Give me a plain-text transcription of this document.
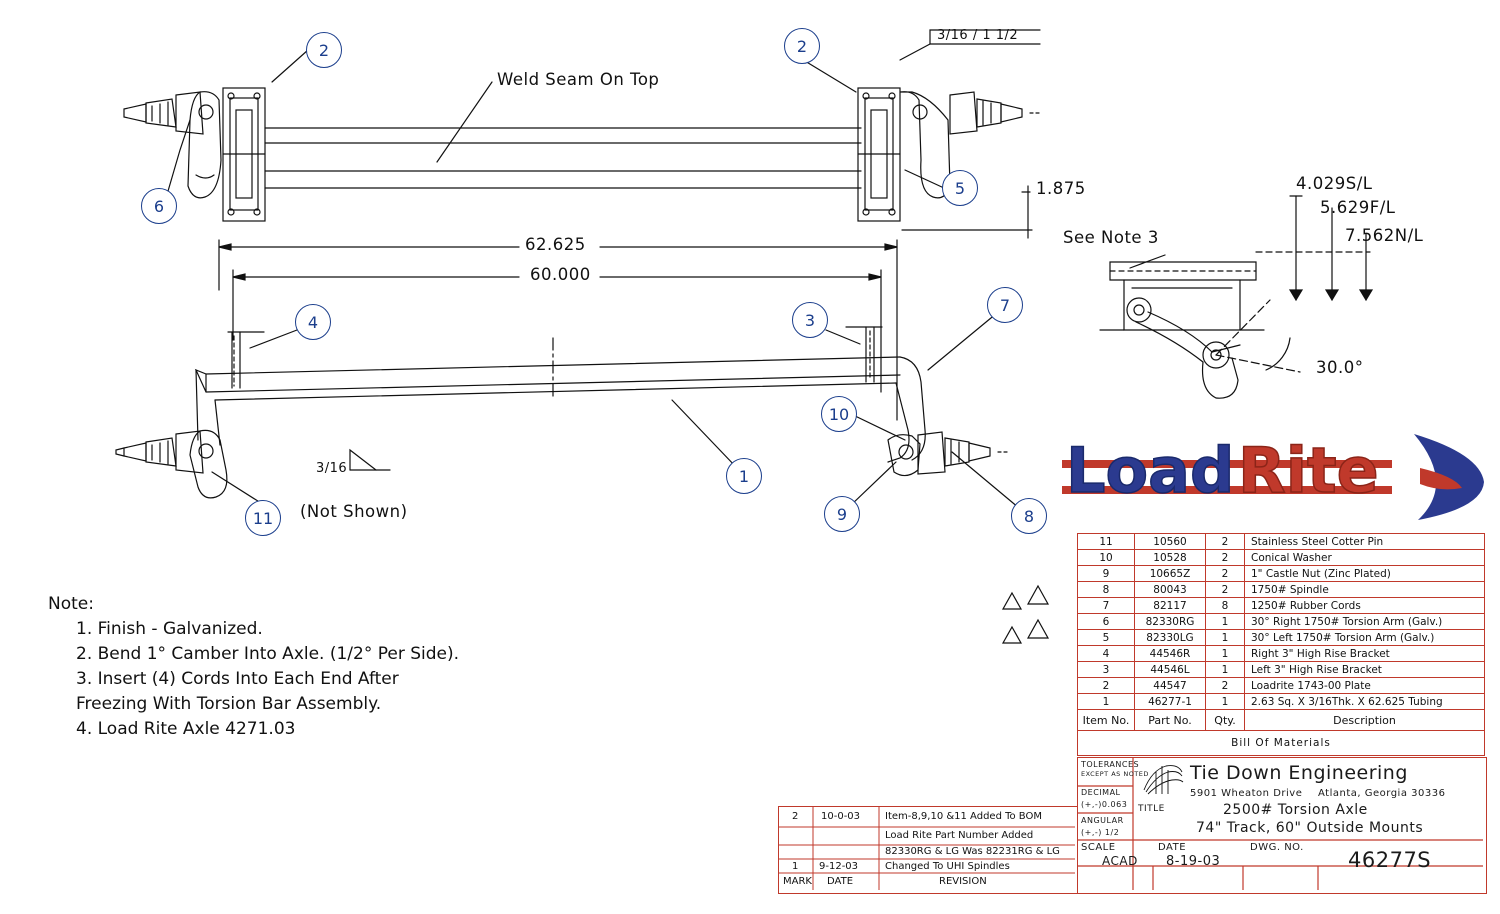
Weld Seam On Top
3/16 / 1 1/2
3/16
1.875
62.625
60.000
4.029S/L
5.629F/L
7.562N/L
30.0°
See Note 3
(Not Shown)
2	2
6
5
4	3
7
10
1
9	8
11
Note:
1. Finish - Galvanized.
2. Bend 1° Camber Into Axle. (1/2° Per Side).
3. Insert (4) Cords Into Each End After
Freezing With Torsion Bar Assembly.
4. Load Rite Axle 4271.03
Load Rite
11	10560	2	Stainless Steel Cotter Pin
10	10528	2	Conical Washer
9	10665Z	2	1" Castle Nut (Zinc Plated)
8	80043	2	1750# Spindle
7	82117	8	1250# Rubber Cords
6	82330RG	1	30° Right 1750# Torsion Arm (Galv.)
5	82330LG	1	30° Left 1750# Torsion Arm (Galv.)
4	44546R	1	Right 3" High Rise Bracket
3	44546L	1	Left 3" High Rise Bracket
2	44547	2	Loadrite 1743-00 Plate
1	46277-1	1	2.63 Sq. X 3/16Thk. X 62.625 Tubing
Item No.	Part No.	Qty.	Description
Bill Of Materials			
2 10-0-03 Item-8,9,10 &11 Added To BOM
Load Rite Part Number Added
82330RG & LG Was 82231RG & LG
1 9-12-03	Changed To UHI Spindles
MARK DATE	REVISION
TOLERANCES
EXCEPT AS NOTED
DECIMAL
(+,-)0.063
ANGULAR
(+,-) 1/2
Tie Down Engineering
5901 Wheaton Drive Atlanta, Georgia 30336
TITLE	2500# Torsion Axle
74" Track, 60" Outside Mounts
SCALE
ACAD
DATE
8-19-03
DWG. NO.
46277S
